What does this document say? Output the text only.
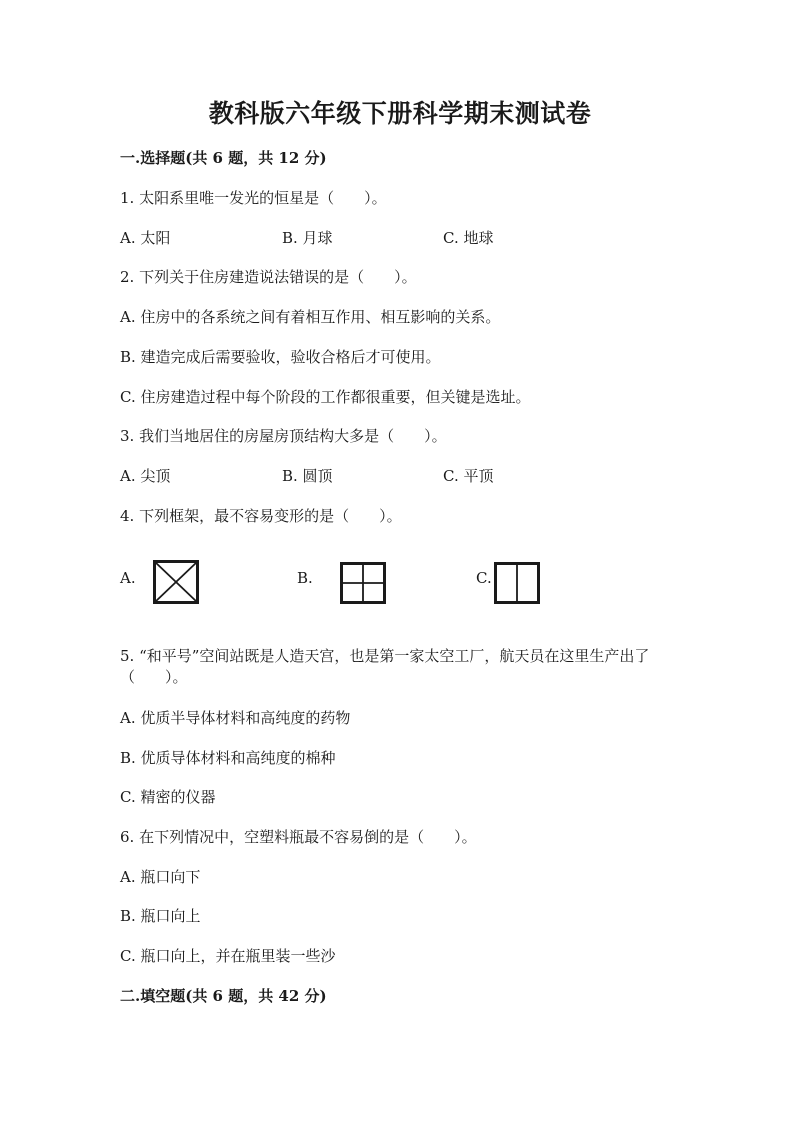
教科版六年级下册科学期末测试卷
一.选择题(共 6 题，共 12 分)
1. 太阳系里唯一发光的恒星是（　　）。
A. 太阳	B. 月球	C. 地球
2. 下列关于住房建造说法错误的是（　　）。
A. 住房中的各系统之间有着相互作用、相互影响的关系。
B. 建造完成后需要验收，验收合格后才可使用。
C. 住房建造过程中每个阶段的工作都很重要，但关键是选址。
3. 我们当地居住的房屋房顶结构大多是（　　）。
A. 尖顶	B. 圆顶	C. 平顶
4. 下列框架，最不容易变形的是（　　）。
A.	B.	C.
5. “和平号”空间站既是人造天宫，也是第一家太空工厂，航天员在这里生产出了（　　）。
A. 优质半导体材料和高纯度的药物
B. 优质导体材料和高纯度的棉种
C. 精密的仪器
6. 在下列情况中，空塑料瓶最不容易倒的是（　　）。
A. 瓶口向下
B. 瓶口向上
C. 瓶口向上，并在瓶里装一些沙
二.填空题(共 6 题，共 42 分)
